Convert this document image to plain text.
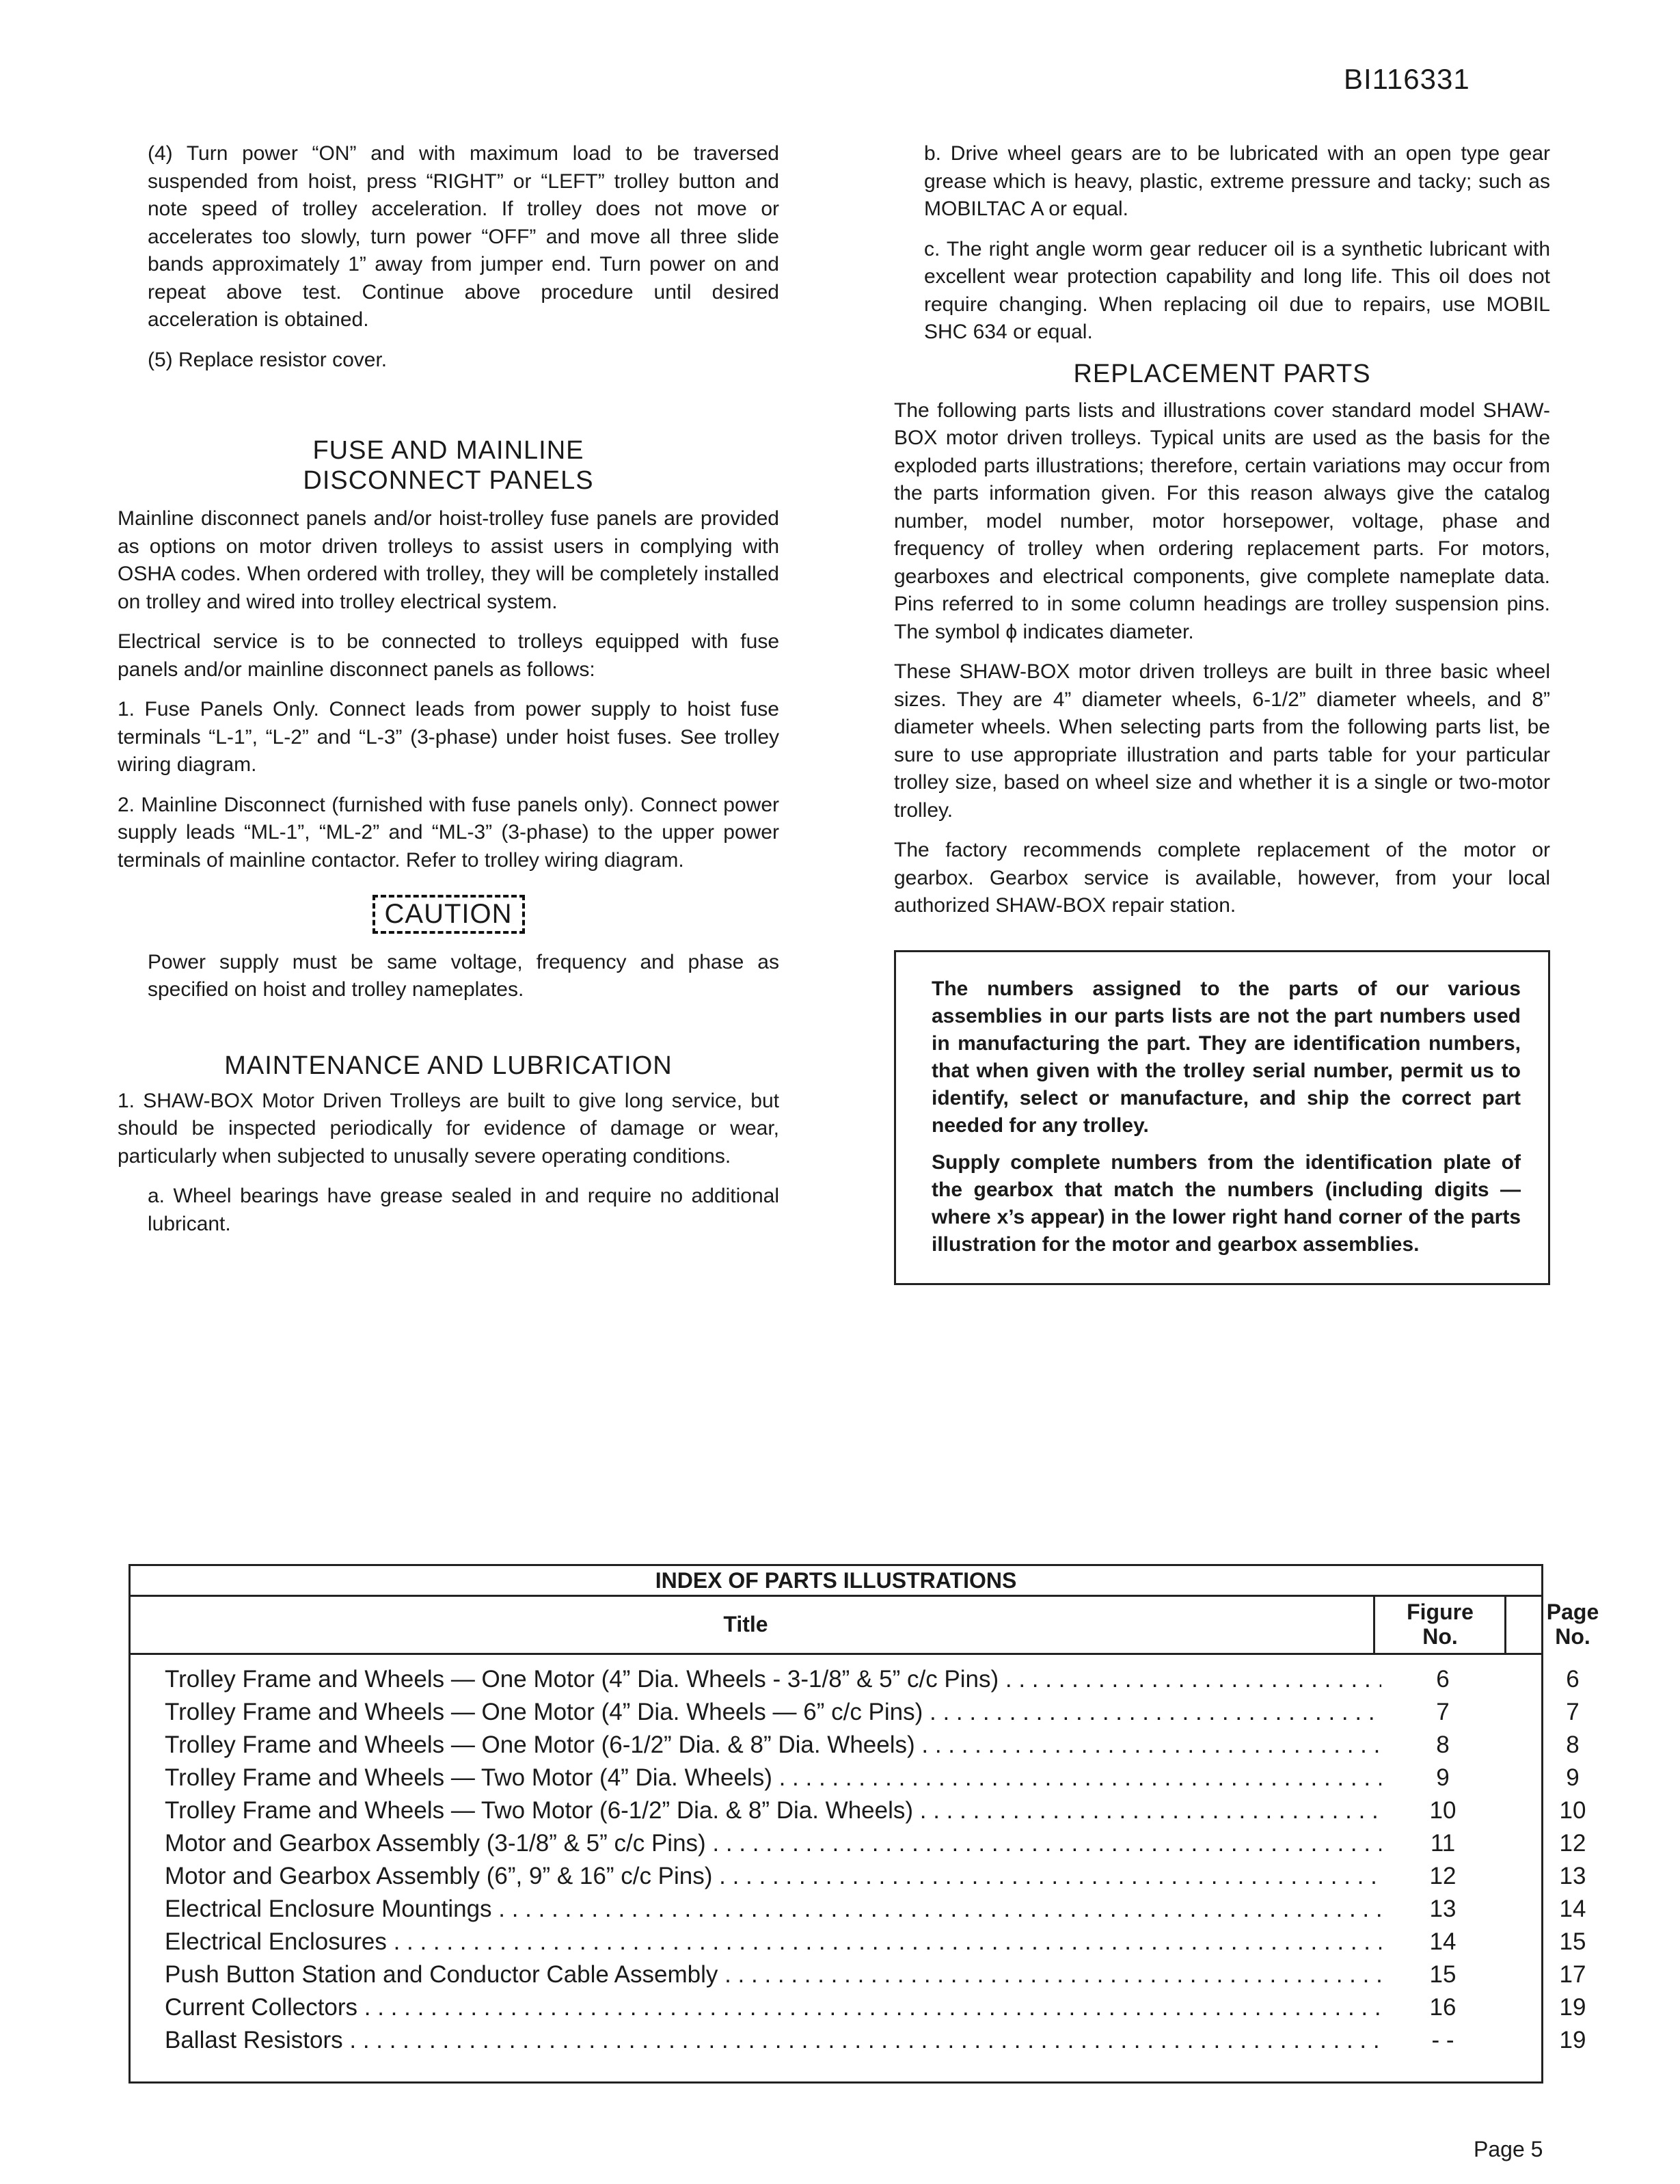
BI116331

(4) Turn power “ON” and with maximum load to be traversed suspended from hoist, press “RIGHT” or “LEFT” trolley button and note speed of trolley acceleration. If trolley does not move or accelerates too slowly, turn power “OFF” and move all three slide bands approximately 1” away from jumper end. Turn power on and repeat above test. Continue above procedure until desired acceleration is obtained.

(5) Replace resistor cover.

FUSE AND MAINLINE
DISCONNECT PANELS

Mainline disconnect panels and/or hoist-trolley fuse panels are provided as options on motor driven trolleys to assist users in complying with OSHA codes. When ordered with trolley, they will be completely installed on trolley and wired into trolley electrical system.

Electrical service is to be connected to trolleys equipped with fuse panels and/or mainline disconnect panels as follows:

1. Fuse Panels Only. Connect leads from power supply to hoist fuse terminals “L-1”, “L-2” and “L-3” (3-phase) under hoist fuses. See trolley wiring diagram.

2. Mainline Disconnect (furnished with fuse panels only). Connect power supply leads “ML-1”, “ML-2” and “ML-3” (3-phase) to the upper power terminals of mainline contactor. Refer to trolley wiring diagram.

CAUTION

Power supply must be same voltage, frequency and phase as specified on hoist and trolley nameplates.

MAINTENANCE AND LUBRICATION

1. SHAW-BOX Motor Driven Trolleys are built to give long service, but should be inspected periodically for evidence of damage or wear, particularly when subjected to unusally severe operating conditions.

a. Wheel bearings have grease sealed in and require no additional lubricant.

b. Drive wheel gears are to be lubricated with an open type gear grease which is heavy, plastic, extreme pressure and tacky; such as MOBILTAC A or equal.

c. The right angle worm gear reducer oil is a synthetic lubricant with excellent wear protection capability and long life. This oil does not require changing. When replacing oil due to repairs, use MOBIL SHC 634 or equal.

REPLACEMENT PARTS

The following parts lists and illustrations cover standard model SHAW-BOX motor driven trolleys. Typical units are used as the basis for the exploded parts illustrations; therefore, certain variations may occur from the parts information given. For this reason always give the catalog number, model number, motor horsepower, voltage, phase and frequency of trolley when ordering replacement parts. For motors, gearboxes and electrical components, give complete nameplate data. Pins referred to in some column headings are trolley suspension pins. The symbol ϕ indicates diameter.

These SHAW-BOX motor driven trolleys are built in three basic wheel sizes. They are 4” diameter wheels, 6-1/2” diameter wheels, and 8” diameter wheels. When selecting parts from the following parts list, be sure to use appropriate illustration and parts table for your particular trolley size, based on wheel size and whether it is a single or two-motor trolley.

The factory recommends complete replacement of the motor or gearbox. Gearbox service is available, however, from your local authorized SHAW-BOX repair station.

The numbers assigned to the parts of our various assemblies in our parts lists are not the part numbers used in manufacturing the part. They are identification numbers, that when given with the trolley serial number, permit us to identify, select or manufacture, and ship the correct part needed for any trolley.

Supply complete numbers from the identification plate of the gearbox that match the numbers (including digits — where x’s appear) in the lower right hand corner of the parts illustration for the motor and gearbox assemblies.

INDEX OF PARTS ILLUSTRATIONS
Title	Figure
No.
Page
No.
Trolley Frame and Wheels — One Motor (4” Dia. Wheels - 3-1/8” & 5” c/c Pins) . . .	6	6
Trolley Frame and Wheels — One Motor (4” Dia. Wheels — 6” c/c Pins) . . .	7	7
Trolley Frame and Wheels — One Motor (6-1/2” Dia. & 8” Dia. Wheels) . . .	8	8
Trolley Frame and Wheels — Two Motor (4” Dia. Wheels) . . .	9	9
Trolley Frame and Wheels — Two Motor (6-1/2” Dia. & 8” Dia. Wheels) . . .	10	10
Motor and Gearbox Assembly (3-1/8” & 5” c/c Pins) . . .	11	12
Motor and Gearbox Assembly (6”, 9” & 16” c/c Pins) . . .	12	13
Electrical Enclosure Mountings . . .	13	14
Electrical Enclosures . . .	14	15
Push Button Station and Conductor Cable Assembly . . .	15	17
Current Collectors . . .	16	19
Ballast Resistors . . .	- -	19
Page 5
